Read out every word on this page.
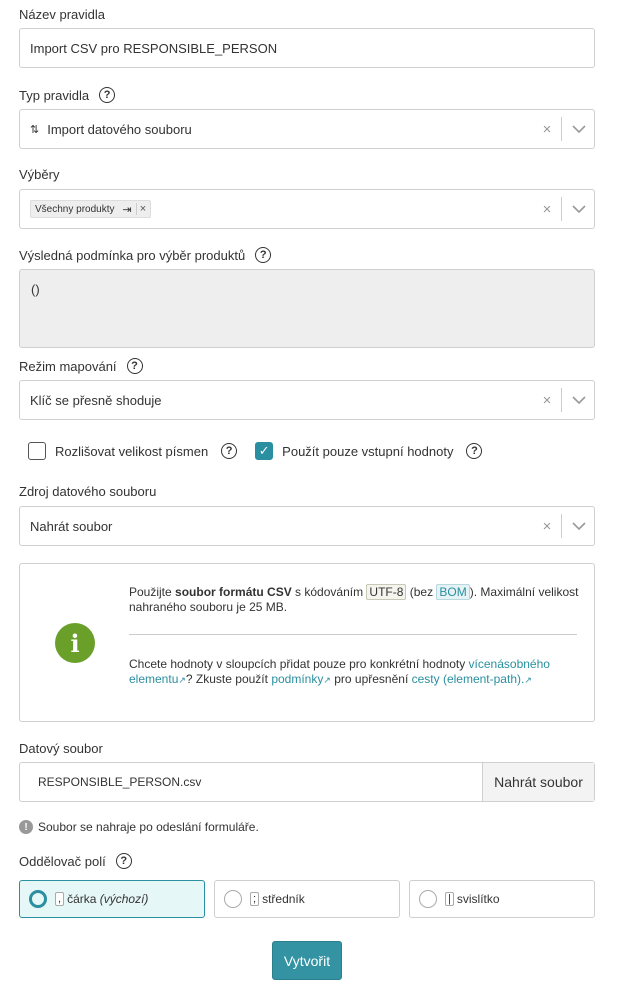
Název pravidla
Import CSV pro RESPONSIBLE_PERSON
Typ pravidla	?
⇅ Import datového souboru	×
Výběry
Všechny produkty ⇥ ×	×
Výsledná podmínka pro výběr produktů	?
()
Režim mapování	?
Klíč se přesně shoduje	×
Rozlišovat velikost písmen	?	✓ Použít pouze vstupní hodnoty	?
Zdroj datového souboru
Nahrát soubor	×
i
Použijte soubor formátu CSV s kódováním UTF-8 (bez BOM ). Maximální velikost nahraného souboru je 25 MB.
Chcete hodnoty v sloupcích přidat pouze pro konkrétní hodnoty vícenásobného elementu↗? Zkuste použít podmínky↗ pro upřesnění cesty (element-path).↗
Datový soubor
RESPONSIBLE_PERSON.csv	Nahrát soubor
! Soubor se nahraje po odeslání formuláře.
Oddělovač polí	?
, čárka
(výchozí)	; středník	| svislítko
Vytvořit
